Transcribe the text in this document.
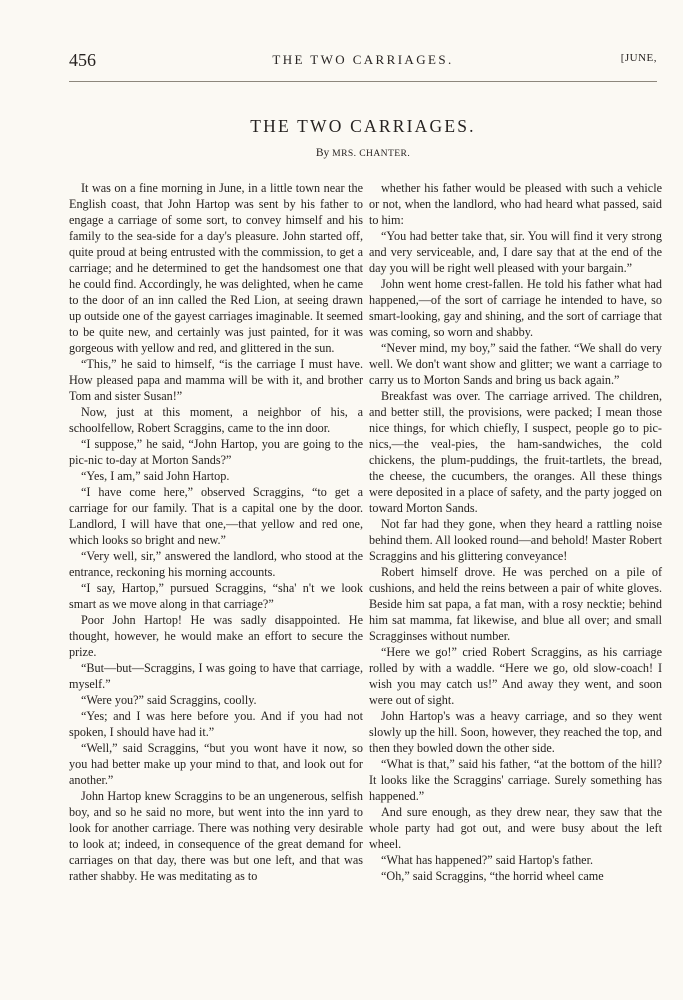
456	THE TWO CARRIAGES.	[JUNE,
THE TWO CARRIAGES.
By MRS. CHANTER.

It was on a fine morning in June, in a little town near the English coast, that John Hartop was sent by his father to engage a carriage of some sort, to convey himself and his family to the sea-side for a day's pleasure. John started off, quite proud at being entrusted with the commission, to get a carriage; and he determined to get the handsomest one that he could find. Accordingly, he was delighted, when he came to the door of an inn called the Red Lion, at seeing drawn up outside one of the gayest carriages imaginable. It seemed to be quite new, and certainly was just painted, for it was gorgeous with yellow and red, and glittered in the sun.

“This,” he said to himself, “is the carriage I must have. How pleased papa and mamma will be with it, and brother Tom and sister Susan!”

Now, just at this moment, a neighbor of his, a schoolfellow, Robert Scraggins, came to the inn door.

“I suppose,” he said, “John Hartop, you are going to the pic-nic to-day at Morton Sands?”

“Yes, I am,” said John Hartop.

“I have come here,” observed Scraggins, “to get a carriage for our family. That is a capital one by the door. Landlord, I will have that one,—that yellow and red one, which looks so bright and new.”

“Very well, sir,” answered the landlord, who stood at the entrance, reckoning his morning accounts.

“I say, Hartop,” pursued Scraggins, “sha' n't we look smart as we move along in that carriage?”

Poor John Hartop! He was sadly disappointed. He thought, however, he would make an effort to secure the prize.

“But—but—Scraggins, I was going to have that carriage, myself.”

“Were you?” said Scraggins, coolly.

“Yes; and I was here before you. And if you had not spoken, I should have had it.”

“Well,” said Scraggins, “but you wont have it now, so you had better make up your mind to that, and look out for another.”

John Hartop knew Scraggins to be an ungenerous, selfish boy, and so he said no more, but went into the inn yard to look for another carriage. There was nothing very desirable to look at; indeed, in consequence of the great demand for carriages on that day, there was but one left, and that was rather shabby. He was meditating as to

whether his father would be pleased with such a vehicle or not, when the landlord, who had heard what passed, said to him:

“You had better take that, sir. You will find it very strong and very serviceable, and, I dare say that at the end of the day you will be right well pleased with your bargain.”

John went home crest-fallen. He told his father what had happened,—of the sort of carriage he intended to have, so smart-looking, gay and shining, and the sort of carriage that was coming, so worn and shabby.

“Never mind, my boy,” said the father. “We shall do very well. We don't want show and glitter; we want a carriage to carry us to Morton Sands and bring us back again.”

Breakfast was over. The carriage arrived. The children, and better still, the provisions, were packed; I mean those nice things, for which chiefly, I suspect, people go to pic-nics,—the veal-pies, the ham-sandwiches, the cold chickens, the plum-puddings, the fruit-tartlets, the bread, the cheese, the cucumbers, the oranges. All these things were deposited in a place of safety, and the party jogged on toward Morton Sands.

Not far had they gone, when they heard a rattling noise behind them. All looked round—and behold! Master Robert Scraggins and his glittering conveyance!

Robert himself drove. He was perched on a pile of cushions, and held the reins between a pair of white gloves. Beside him sat papa, a fat man, with a rosy necktie; behind him sat mamma, fat likewise, and blue all over; and small Scragginses without number.

“Here we go!” cried Robert Scraggins, as his carriage rolled by with a waddle. “Here we go, old slow-coach! I wish you may catch us!” And away they went, and soon were out of sight.

John Hartop's was a heavy carriage, and so they went slowly up the hill. Soon, however, they reached the top, and then they bowled down the other side.

“What is that,” said his father, “at the bottom of the hill? It looks like the Scraggins' carriage. Surely something has happened.”

And sure enough, as they drew near, they saw that the whole party had got out, and were busy about the left wheel.

“What has happened?” said Hartop's father.

“Oh,” said Scraggins, “the horrid wheel came
